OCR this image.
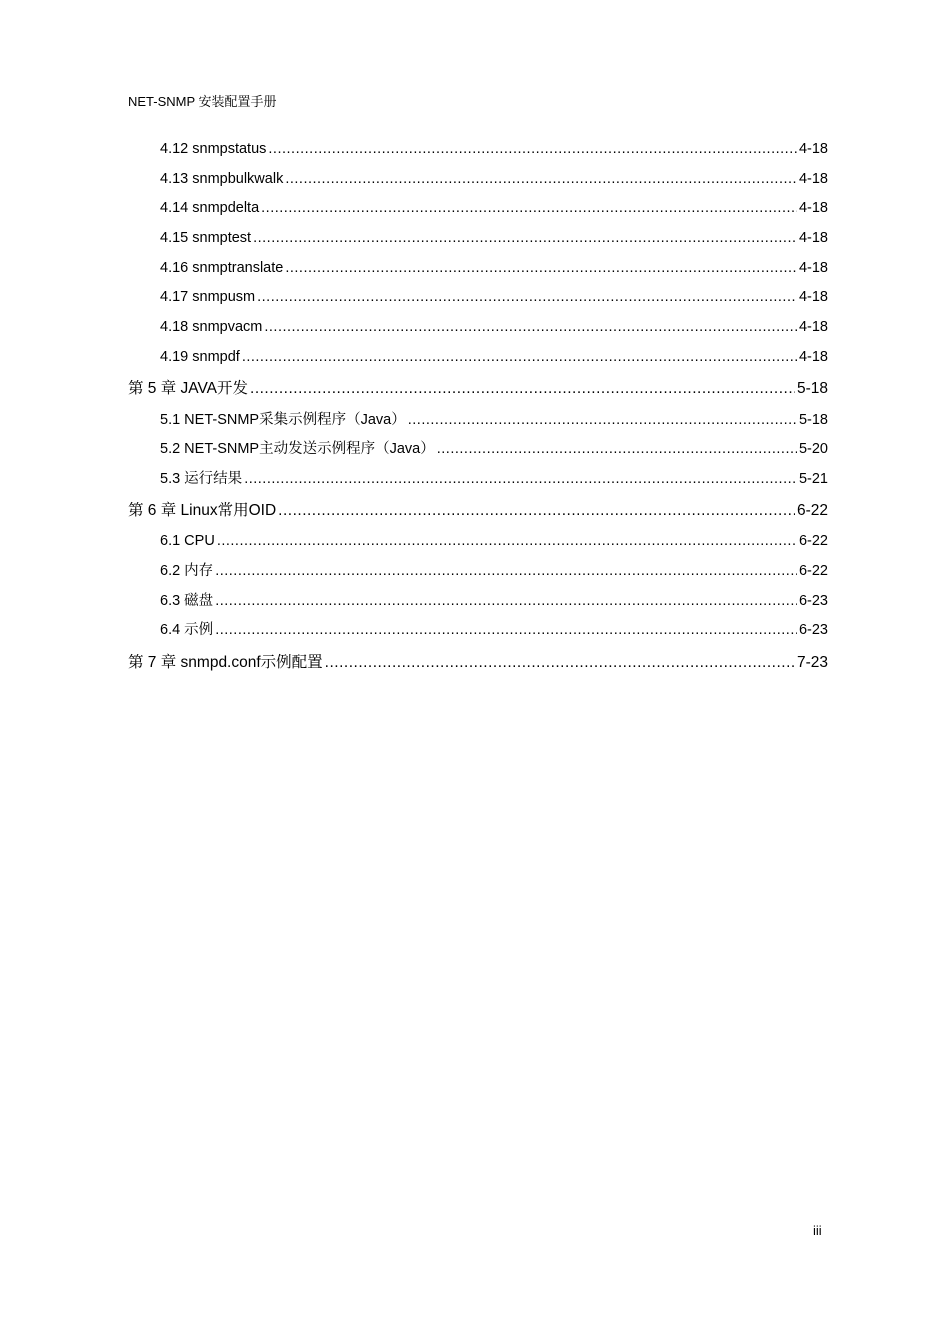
NET-SNMP 安装配置手册
4.12 snmpstatus .....	4-18
4.13 snmpbulkwalk .....	4-18
4.14 snmpdelta .....	4-18
4.15 snmptest .....	4-18
4.16 snmptranslate .....	4-18
4.17 snmpusm .....	4-18
4.18 snmpvacm .....	4-18
4.19 snmpdf .....	4-18
第 5 章 JAVA开发 .....	5-18
5.1 NET-SNMP采集示例程序（Java） .....	5-18
5.2 NET-SNMP主动发送示例程序（Java） .....	5-20
5.3 运行结果 .....	5-21
第 6 章 Linux常用OID .....	6-22
6.1 CPU .....	6-22
6.2 内存 .....	6-22
6.3 磁盘 .....	6-23
6.4 示例 .....	6-23
第 7 章 snmpd.conf示例配置 .....	7-23
iii
